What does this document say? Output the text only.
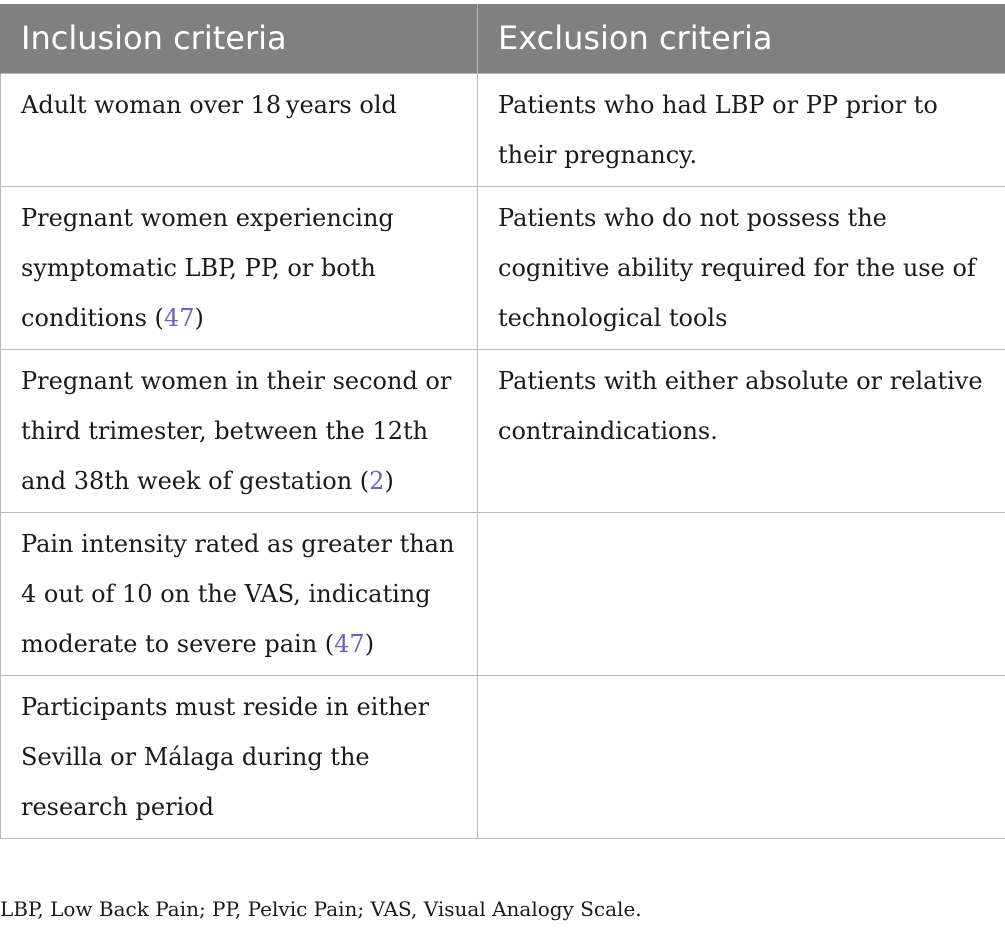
Inclusion criteria	Exclusion criteria
Adult woman over 18 years old	Patients who had LBP or PP prior to their pregnancy.
Pregnant women experiencing symptomatic LBP, PP, or both conditions (47)	Patients who do not possess the cognitive ability required for the use of technological tools
Pregnant women in their second or third trimester, between the 12th and 38th week of gestation (2)	Patients with either absolute or relative contraindications.
Pain intensity rated as greater than 4 out of 10 on the VAS, indicating moderate to severe pain (47)	
Participants must reside in either Sevilla or Málaga during the research period	
LBP, Low Back Pain; PP, Pelvic Pain; VAS, Visual Analogy Scale.
